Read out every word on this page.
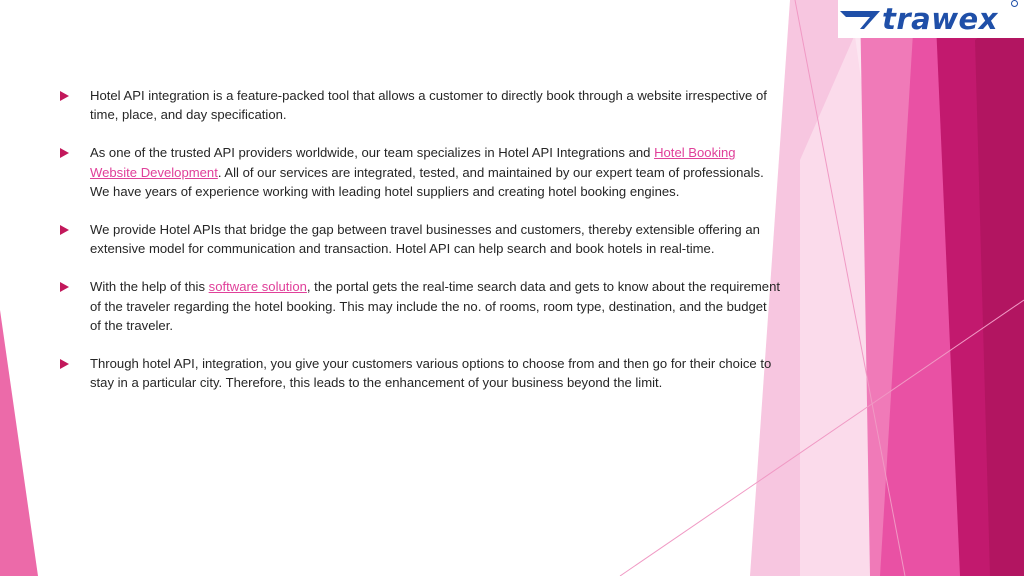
trawex

Hotel API integration is a feature-packed tool that allows a customer to directly book through a website irrespective of time, place, and day specification.

As one of the trusted API providers worldwide, our team specializes in Hotel API Integrations and Hotel Booking Website Development. All of our services are integrated, tested, and maintained by our expert team of professionals. We have years of experience working with leading hotel suppliers and creating hotel booking engines.

We provide Hotel APIs that bridge the gap between travel businesses and customers, thereby extensible offering an extensive model for communication and transaction. Hotel API can help search and book hotels in real-time.

With the help of this software solution, the portal gets the real-time search data and gets to know about the requirement of the traveler regarding the hotel booking. This may include the no. of rooms, room type, destination, and the budget of the traveler.

Through hotel API, integration, you give your customers various options to choose from and then go for their choice to stay in a particular city. Therefore, this leads to the enhancement of your business beyond the limit.
